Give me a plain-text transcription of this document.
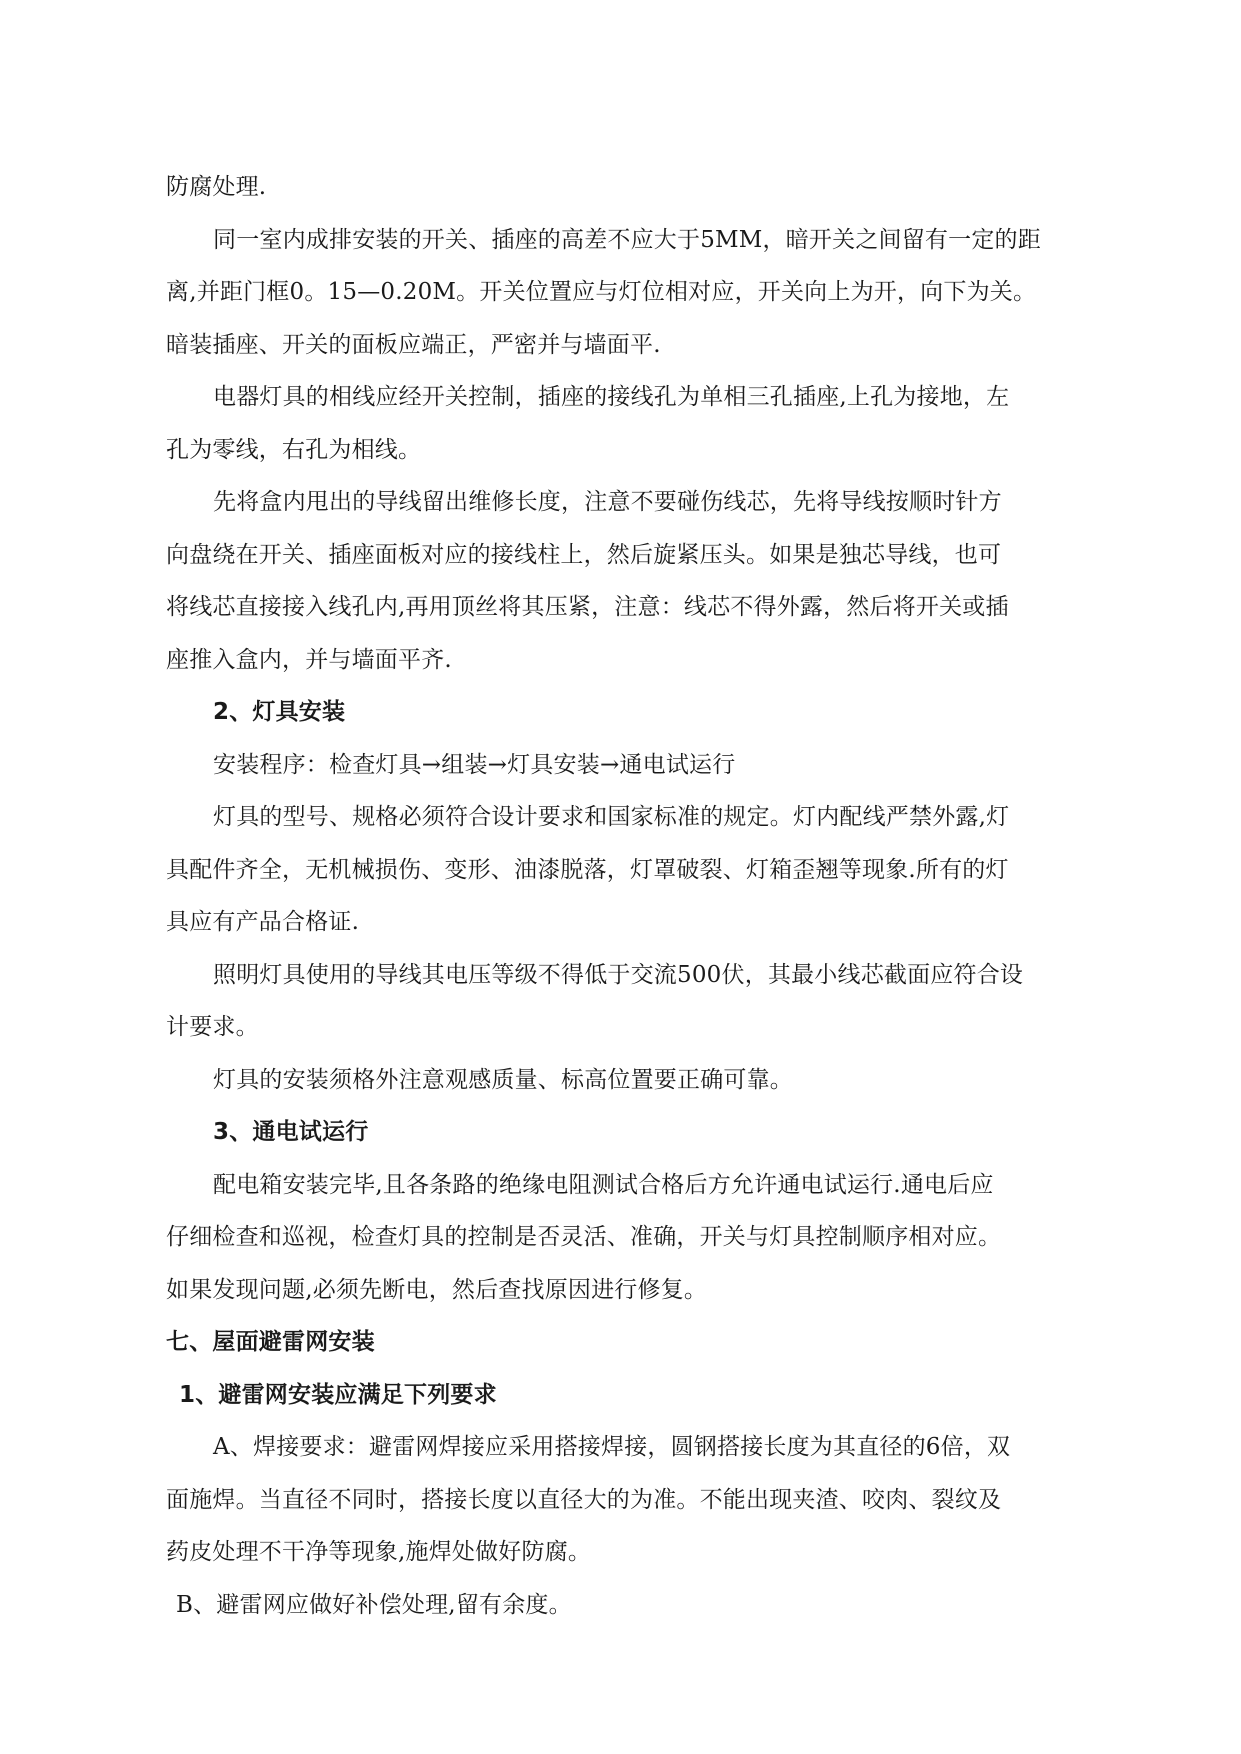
防腐处理.
同一室内成排安装的开关、插座的高差不应大于5MM，暗开关之间留有一定的距
离,并距门框0。15—0.20M。开关位置应与灯位相对应，开关向上为开，向下为关。
暗装插座、开关的面板应端正，严密并与墙面平.
电器灯具的相线应经开关控制，插座的接线孔为单相三孔插座,上孔为接地，左
孔为零线，右孔为相线。
先将盒内甩出的导线留出维修长度，注意不要碰伤线芯，先将导线按顺时针方
向盘绕在开关、插座面板对应的接线柱上，然后旋紧压头。如果是独芯导线，也可
将线芯直接接入线孔内,再用顶丝将其压紧，注意：线芯不得外露，然后将开关或插
座推入盒内，并与墙面平齐.
2、灯具安装
安装程序：检查灯具→组装→灯具安装→通电试运行
灯具的型号、规格必须符合设计要求和国家标准的规定。灯内配线严禁外露,灯
具配件齐全，无机械损伤、变形、油漆脱落，灯罩破裂、灯箱歪翘等现象.所有的灯
具应有产品合格证.
照明灯具使用的导线其电压等级不得低于交流500伏，其最小线芯截面应符合设
计要求。
灯具的安装须格外注意观感质量、标高位置要正确可靠。
3、通电试运行
配电箱安装完毕,且各条路的绝缘电阻测试合格后方允许通电试运行.通电后应
仔细检查和巡视，检查灯具的控制是否灵活、准确，开关与灯具控制顺序相对应。
如果发现问题,必须先断电，然后查找原因进行修复。
七、屋面避雷网安装
1、避雷网安装应满足下列要求
A、焊接要求：避雷网焊接应采用搭接焊接，圆钢搭接长度为其直径的6倍，双
面施焊。当直径不同时，搭接长度以直径大的为准。不能出现夹渣、咬肉、裂纹及
药皮处理不干净等现象,施焊处做好防腐。
B、避雷网应做好补偿处理,留有余度。
